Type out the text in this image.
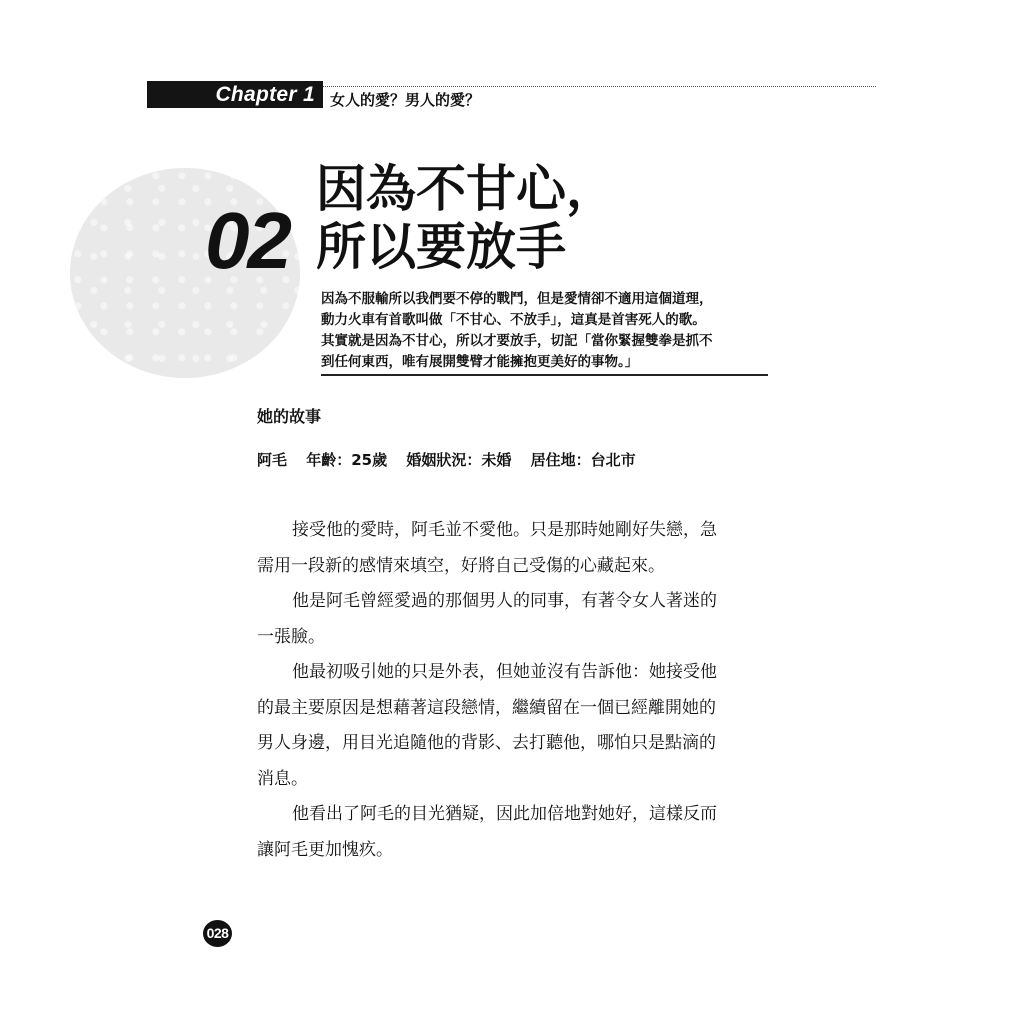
Chapter 1 女人的愛？男人的愛？
02
因為不甘心，
所以要放手
因為不服輸所以我們要不停的戰鬥，但是愛情卻不適用這個道理，
動力火車有首歌叫做「不甘心、不放手」，這真是首害死人的歌。
其實就是因為不甘心，所以才要放手，切記「當你緊握雙拳是抓不
到任何東西，唯有展開雙臂才能擁抱更美好的事物。」
她的故事
阿毛 年齡：25歲 婚姻狀況：未婚 居住地：台北市
接受他的愛時，阿毛並不愛他。只是那時她剛好失戀，急
需用一段新的感情來填空，好將自己受傷的心藏起來。
他是阿毛曾經愛過的那個男人的同事，有著令女人著迷的
一張臉。
他最初吸引她的只是外表，但她並沒有告訴他：她接受他
的最主要原因是想藉著這段戀情，繼續留在一個已經離開她的
男人身邊，用目光追隨他的背影、去打聽他，哪怕只是點滴的
消息。
他看出了阿毛的目光猶疑，因此加倍地對她好，這樣反而
讓阿毛更加愧疚。
028
